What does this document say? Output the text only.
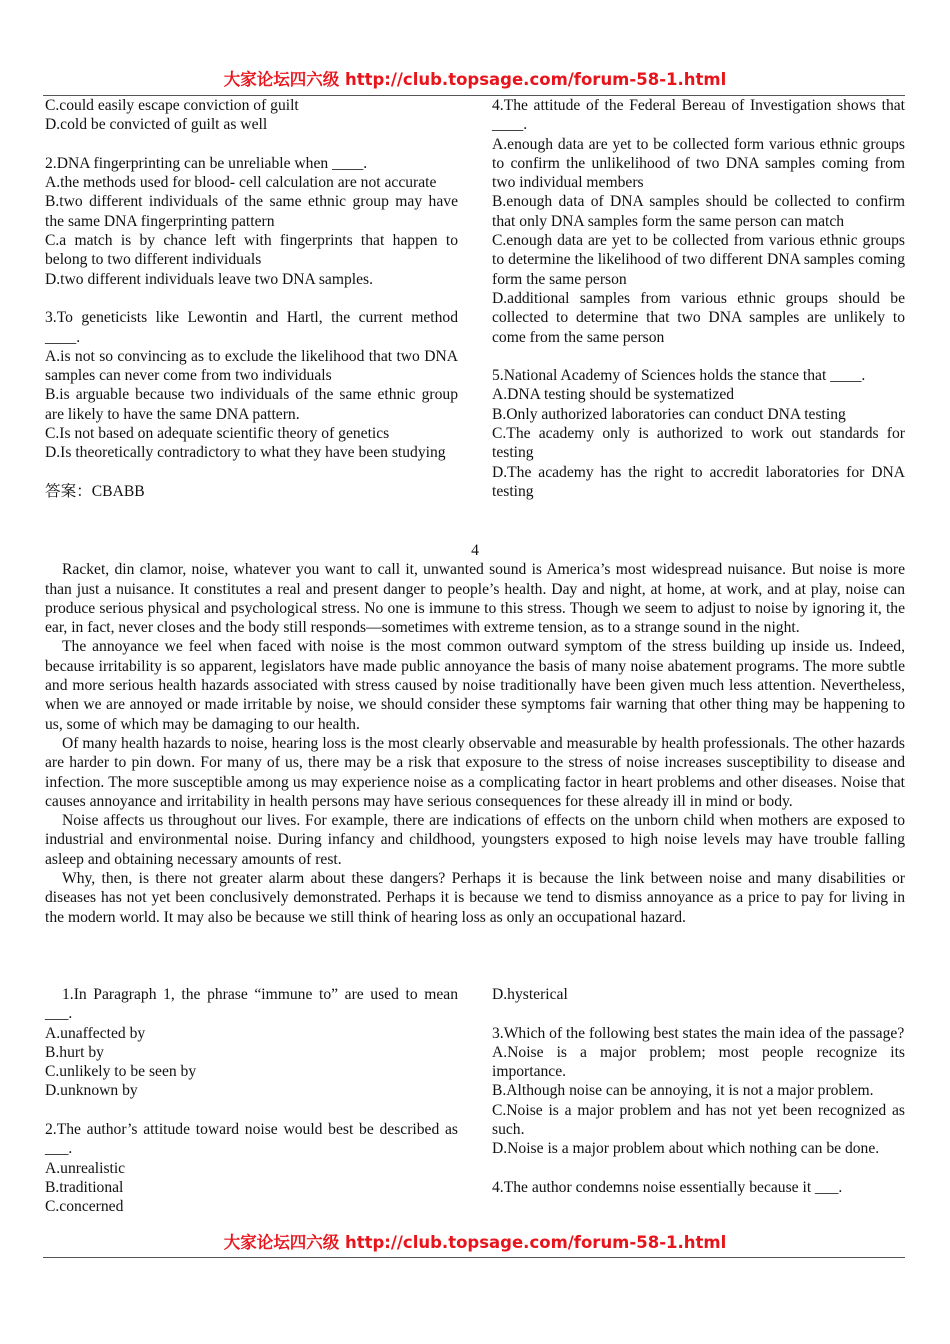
大家论坛四六级 http://club.topsage.com/forum-58-1.html

C.could easily escape conviction of guilt

D.cold be convicted of guilt as well

2.DNA fingerprinting can be unreliable when ____.

A.the methods used for blood- cell calculation are not accurate

B.two different individuals of the same ethnic group may have the same DNA fingerprinting pattern

C.a match is by chance left with fingerprints that happen to belong to two different individuals

D.two different individuals leave two DNA samples.

3.To geneticists like Lewontin and Hartl, the current method ____.

A.is not so convincing as to exclude the likelihood that two DNA samples can never come from two individuals

B.is arguable because two individuals of the same ethnic group are likely to have the same DNA pattern.

C.Is not based on adequate scientific theory of genetics

D.Is theoretically contradictory to what they have been studying

答案：CBABB

4.The attitude of the Federal Bereau of Investigation shows that ____.

A.enough data are yet to be collected form various ethnic groups to confirm the unlikelihood of two DNA samples coming from two individual members

B.enough data of DNA samples should be collected to confirm that only DNA samples form the same person can match

C.enough data are yet to be collected from various ethnic groups to determine the likelihood of two different DNA samples coming form the same person

D.additional samples from various ethnic groups should be collected to determine that two DNA samples are unlikely to come from the same person

5.National Academy of Sciences holds the stance that ____.

A.DNA testing should be systematized

B.Only authorized laboratories can conduct DNA testing

C.The academy only is authorized to work out standards for testing

D.The academy has the right to accredit laboratories for DNA testing

4

Racket, din clamor, noise, whatever you want to call it, unwanted sound is America’s most widespread nuisance. But noise is more than just a nuisance. It constitutes a real and present danger to people’s health. Day and night, at home, at work, and at play, noise can produce serious physical and psychological stress. No one is immune to this stress. Though we seem to adjust to noise by ignoring it, the ear, in fact, never closes and the body still responds—sometimes with extreme tension, as to a strange sound in the night.

The annoyance we feel when faced with noise is the most common outward symptom of the stress building up inside us. Indeed, because irritability is so apparent, legislators have made public annoyance the basis of many noise abatement programs. The more subtle and more serious health hazards associated with stress caused by noise traditionally have been given much less attention. Nevertheless, when we are annoyed or made irritable by noise, we should consider these symptoms fair warning that other thing may be happening to us, some of which may be damaging to our health.

Of many health hazards to noise, hearing loss is the most clearly observable and measurable by health professionals. The other hazards are harder to pin down. For many of us, there may be a risk that exposure to the stress of noise increases susceptibility to disease and infection. The more susceptible among us may experience noise as a complicating factor in heart problems and other diseases. Noise that causes annoyance and irritability in health persons may have serious consequences for these already ill in mind or body.

Noise affects us throughout our lives. For example, there are indications of effects on the unborn child when mothers are exposed to industrial and environmental noise. During infancy and childhood, youngsters exposed to high noise levels may have trouble falling asleep and obtaining necessary amounts of rest.

Why, then, is there not greater alarm about these dangers? Perhaps it is because the link between noise and many disabilities or diseases has not yet been conclusively demonstrated. Perhaps it is because we tend to dismiss annoyance as a price to pay for living in the modern world. It may also be because we still think of hearing loss as only an occupational hazard.

1.In Paragraph 1, the phrase “immune to” are used to mean ___.

A.unaffected by

B.hurt by

C.unlikely to be seen by

D.unknown by

2.The author’s attitude toward noise would best be described as ___.

A.unrealistic

B.traditional

C.concerned

D.hysterical

3.Which of the following best states the main idea of the passage?

A.Noise is a major problem; most people recognize its importance.

B.Although noise can be annoying, it is not a major problem.

C.Noise is a major problem and has not yet been recognized as such.

D.Noise is a major problem about which nothing can be done.

4.The author condemns noise essentially because it ___.

大家论坛四六级 http://club.topsage.com/forum-58-1.html
